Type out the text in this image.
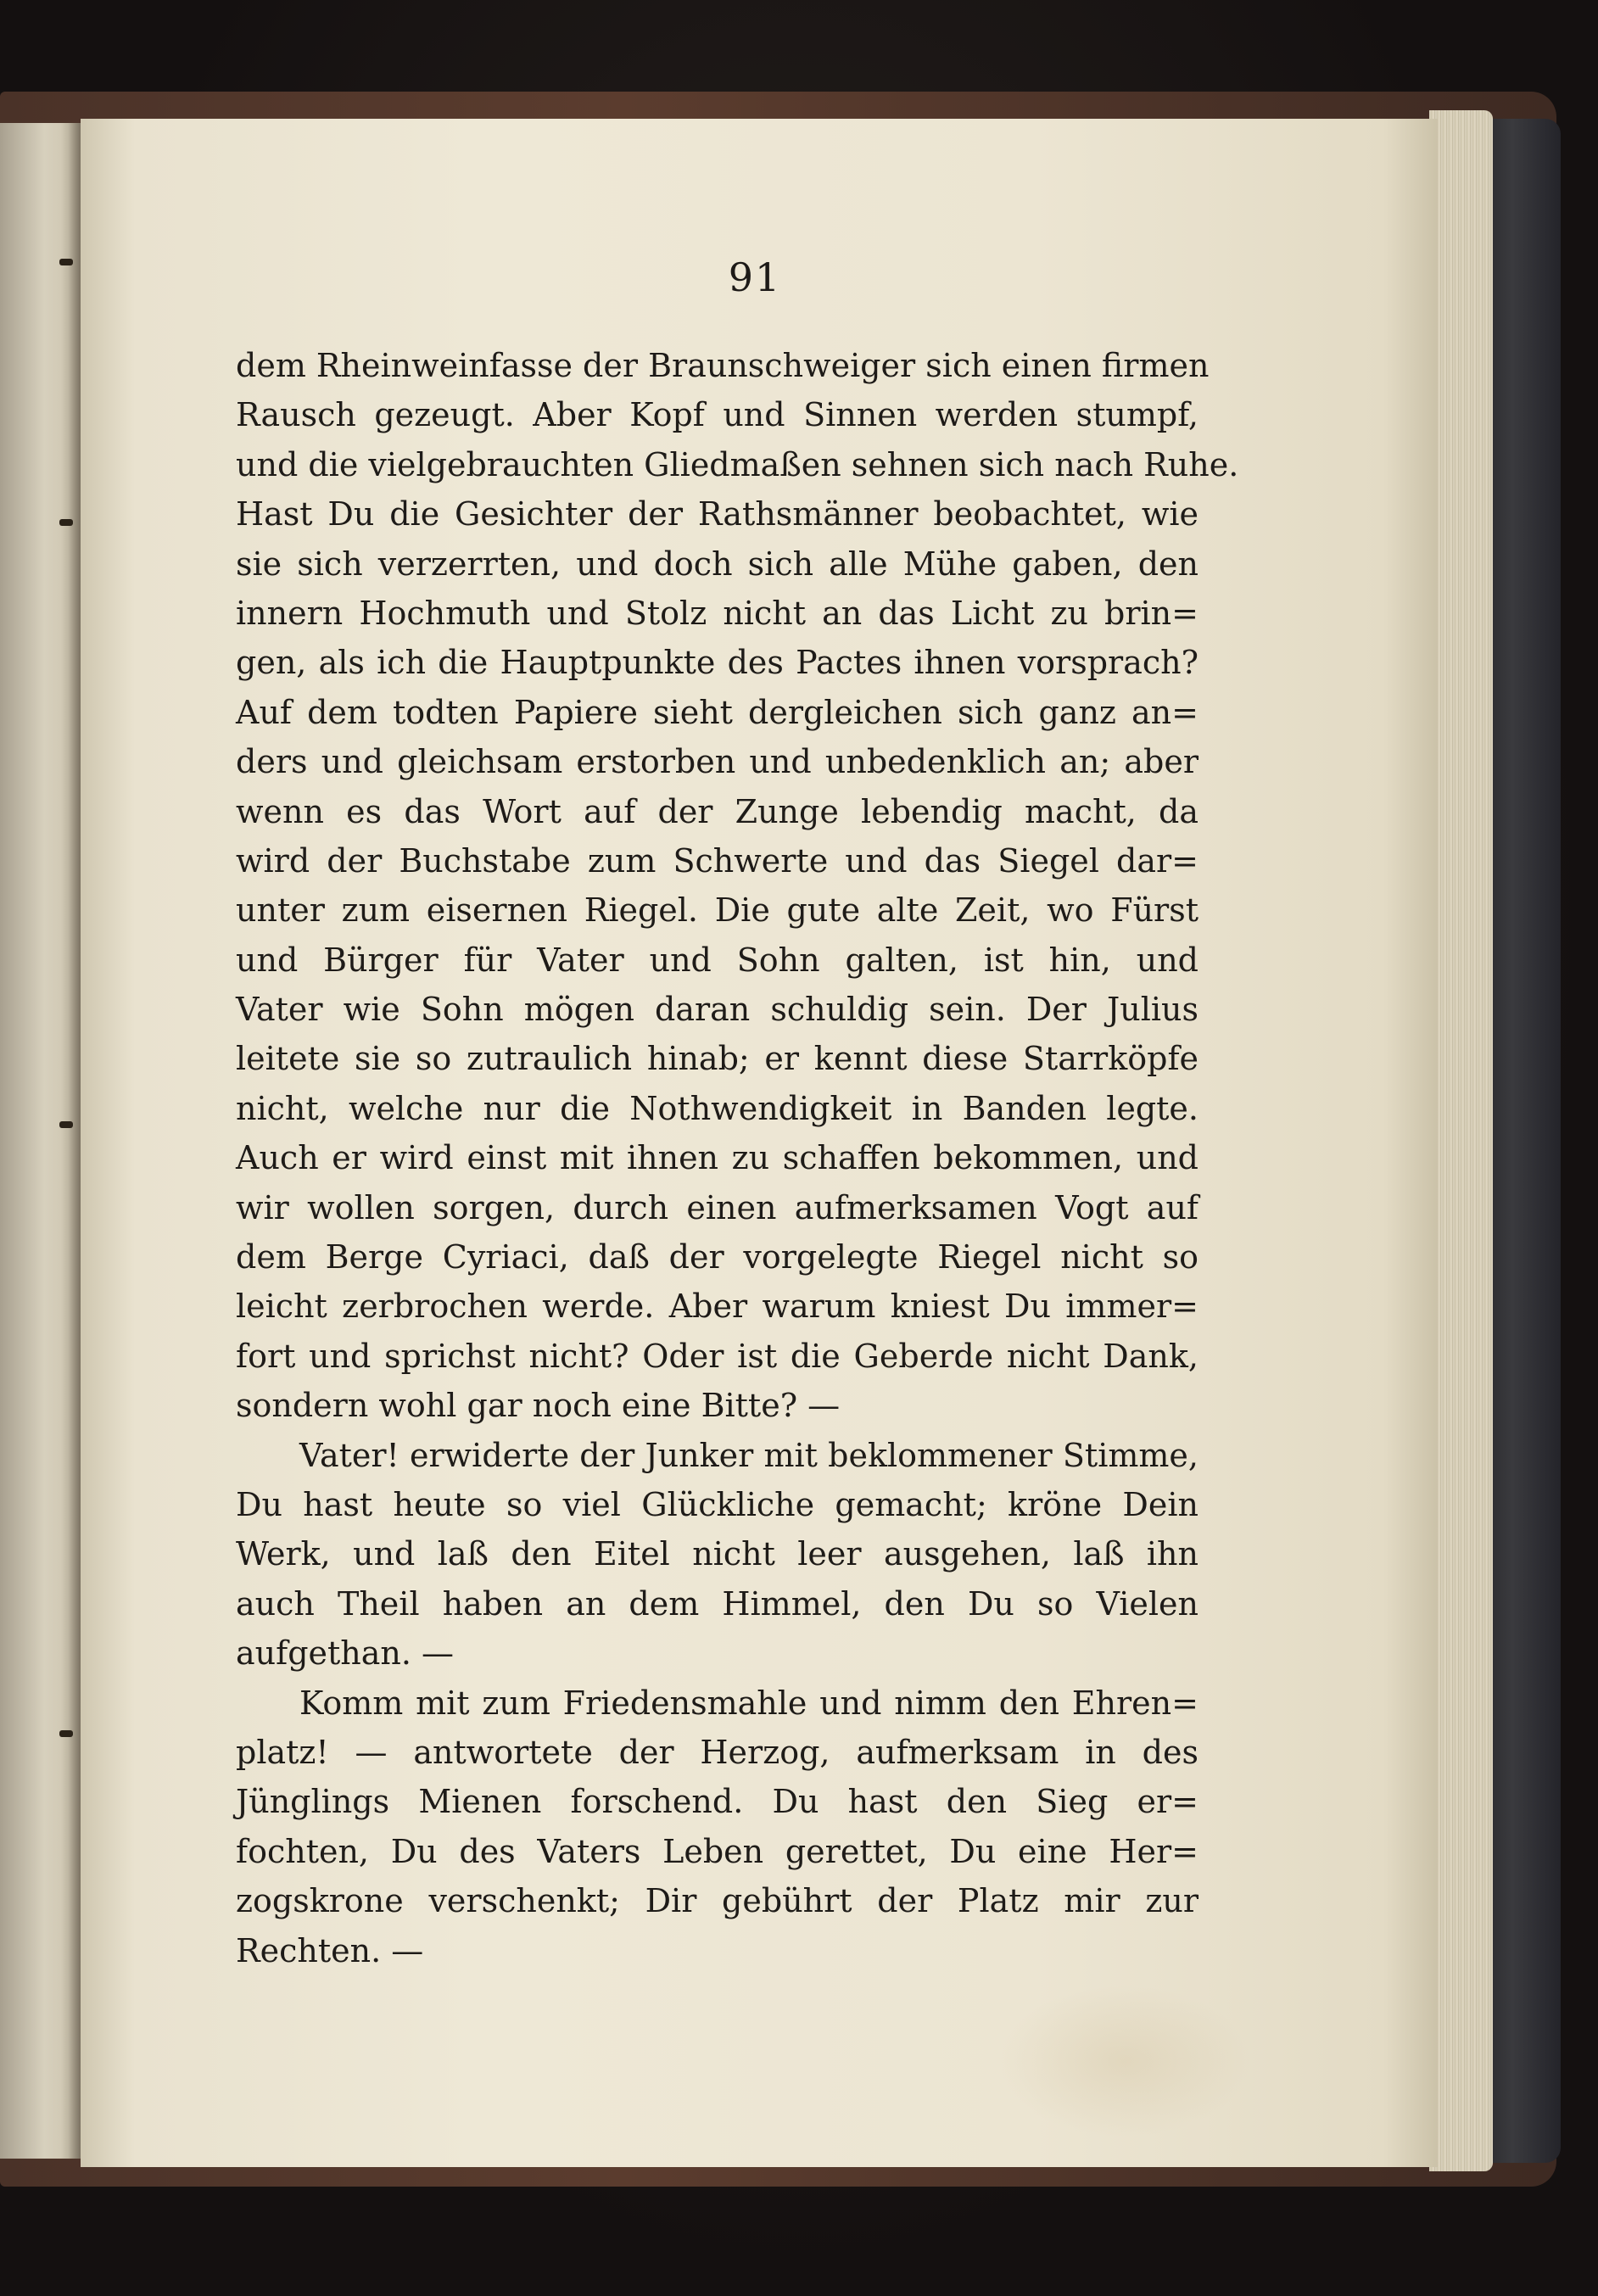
91
dem Rheinweinfasse der Braunschweiger sich einen firmen
Rausch gezeugt. Aber Kopf und Sinnen werden stumpf,
und die vielgebrauchten Gliedmaßen sehnen sich nach Ruhe.
Hast Du die Gesichter der Rathsmänner beobachtet, wie
sie sich verzerrten, und doch sich alle Mühe gaben, den
innern Hochmuth und Stolz nicht an das Licht zu brin=
gen, als ich die Hauptpunkte des Pactes ihnen vorsprach?
Auf dem todten Papiere sieht dergleichen sich ganz an=
ders und gleichsam erstorben und unbedenklich an; aber
wenn es das Wort auf der Zunge lebendig macht, da
wird der Buchstabe zum Schwerte und das Siegel dar=
unter zum eisernen Riegel. Die gute alte Zeit, wo Fürst
und Bürger für Vater und Sohn galten, ist hin, und
Vater wie Sohn mögen daran schuldig sein. Der Julius
leitete sie so zutraulich hinab; er kennt diese Starrköpfe
nicht, welche nur die Nothwendigkeit in Banden legte.
Auch er wird einst mit ihnen zu schaffen bekommen, und
wir wollen sorgen, durch einen aufmerksamen Vogt auf
dem Berge Cyriaci, daß der vorgelegte Riegel nicht so
leicht zerbrochen werde. Aber warum kniest Du immer=
fort und sprichst nicht? Oder ist die Geberde nicht Dank,
sondern wohl gar noch eine Bitte? —
Vater! erwiderte der Junker mit beklommener Stimme,
Du hast heute so viel Glückliche gemacht; kröne Dein
Werk, und laß den Eitel nicht leer ausgehen, laß ihn
auch Theil haben an dem Himmel, den Du so Vielen
aufgethan. —
Komm mit zum Friedensmahle und nimm den Ehren=
platz! — antwortete der Herzog, aufmerksam in des
Jünglings Mienen forschend. Du hast den Sieg er=
fochten, Du des Vaters Leben gerettet, Du eine Her=
zogskrone verschenkt; Dir gebührt der Platz mir zur
Rechten. —
